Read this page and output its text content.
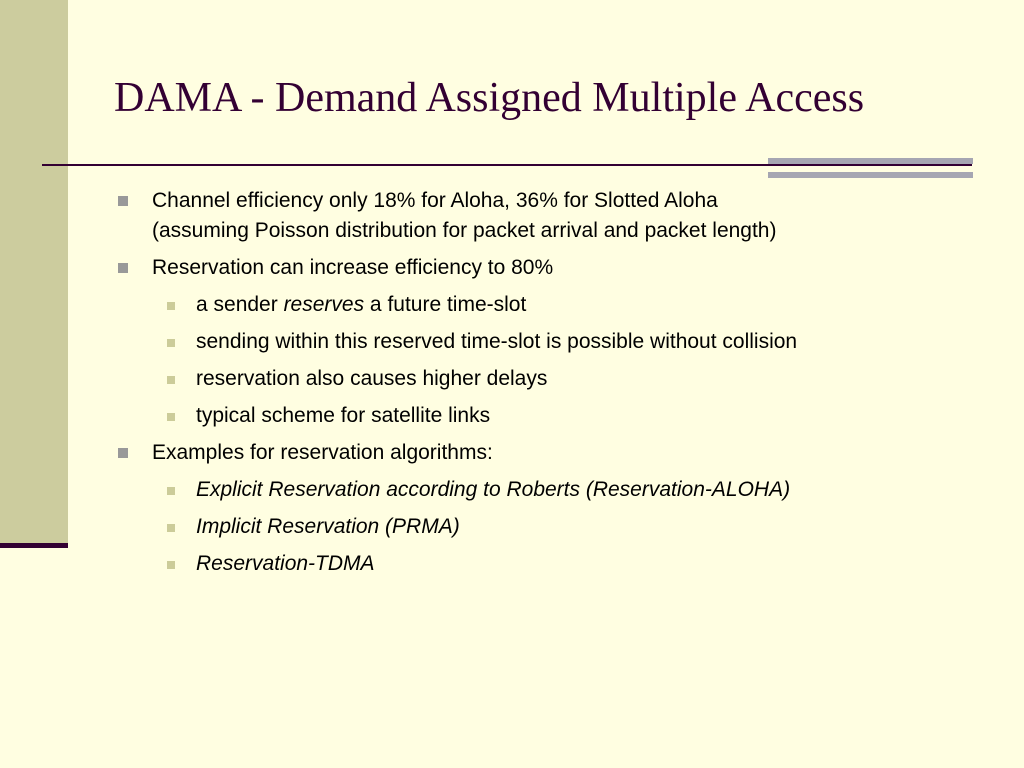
DAMA - Demand Assigned Multiple Access
Channel efficiency only 18% for Aloha, 36% for Slotted Aloha
(assuming Poisson distribution for packet arrival and packet length)
Reservation can increase efficiency to 80%
a sender reserves a future time-slot
sending within this reserved time-slot is possible without collision
reservation also causes higher delays
typical scheme for satellite links
Examples for reservation algorithms:
Explicit Reservation according to Roberts (Reservation-ALOHA)
Implicit Reservation (PRMA)
Reservation-TDMA
